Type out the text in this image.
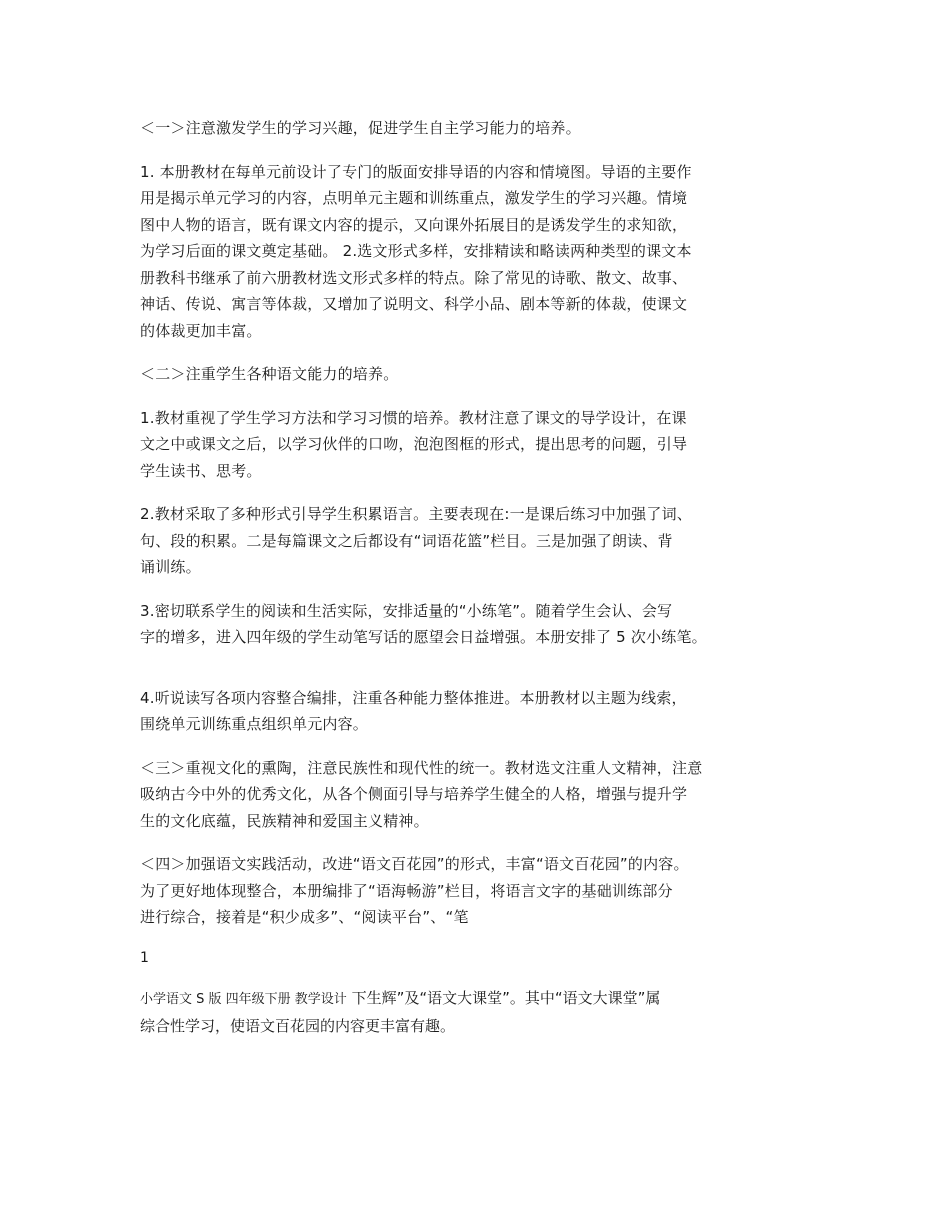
＜一＞注意激发学生的学习兴趣，促进学生自主学习能力的培养。

1. 本册教材在每单元前设计了专门的版面安排导语的内容和情境图。导语的主要作
用是揭示单元学习的内容，点明单元主题和训练重点，激发学生的学习兴趣。情境
图中人物的语言，既有课文内容的提示，又向课外拓展目的是诱发学生的求知欲，
为学习后面的课文奠定基础。 2.选文形式多样，安排精读和略读两种类型的课文本
册教科书继承了前六册教材选文形式多样的特点。除了常见的诗歌、散文、故事、
神话、传说、寓言等体裁，又增加了说明文、科学小品、剧本等新的体裁，使课文
的体裁更加丰富。

＜二＞注重学生各种语文能力的培养。

1.教材重视了学生学习方法和学习习惯的培养。教材注意了课文的导学设计，在课
文之中或课文之后，以学习伙伴的口吻，泡泡图框的形式，提出思考的问题，引导
学生读书、思考。

2.教材采取了多种形式引导学生积累语言。主要表现在:一是课后练习中加强了词、
句、段的积累。二是每篇课文之后都设有“词语花篮”栏目。三是加强了朗读、背
诵训练。

3.密切联系学生的阅读和生活实际，安排适量的“小练笔”。随着学生会认、会写
字的增多，进入四年级的学生动笔写话的愿望会日益增强。本册安排了 5 次小练笔。

4.听说读写各项内容整合编排，注重各种能力整体推进。本册教材以主题为线索，
围绕单元训练重点组织单元内容。

＜三＞重视文化的熏陶，注意民族性和现代性的统一。教材选文注重人文精神，注意
吸纳古今中外的优秀文化，从各个侧面引导与培养学生健全的人格，增强与提升学
生的文化底蕴，民族精神和爱国主义精神。

＜四＞加强语文实践活动，改进“语文百花园”的形式，丰富“语文百花园”的内容。
为了更好地体现整合，本册编排了“语海畅游”栏目，将语言文字的基础训练部分
进行综合，接着是“积少成多”、“阅读平台”、“笔

1
小学语文 S 版 四年级下册 教学设计 下生辉”及“语文大课堂”。其中“语文大课堂”属
综合性学习，使语文百花园的内容更丰富有趣。
